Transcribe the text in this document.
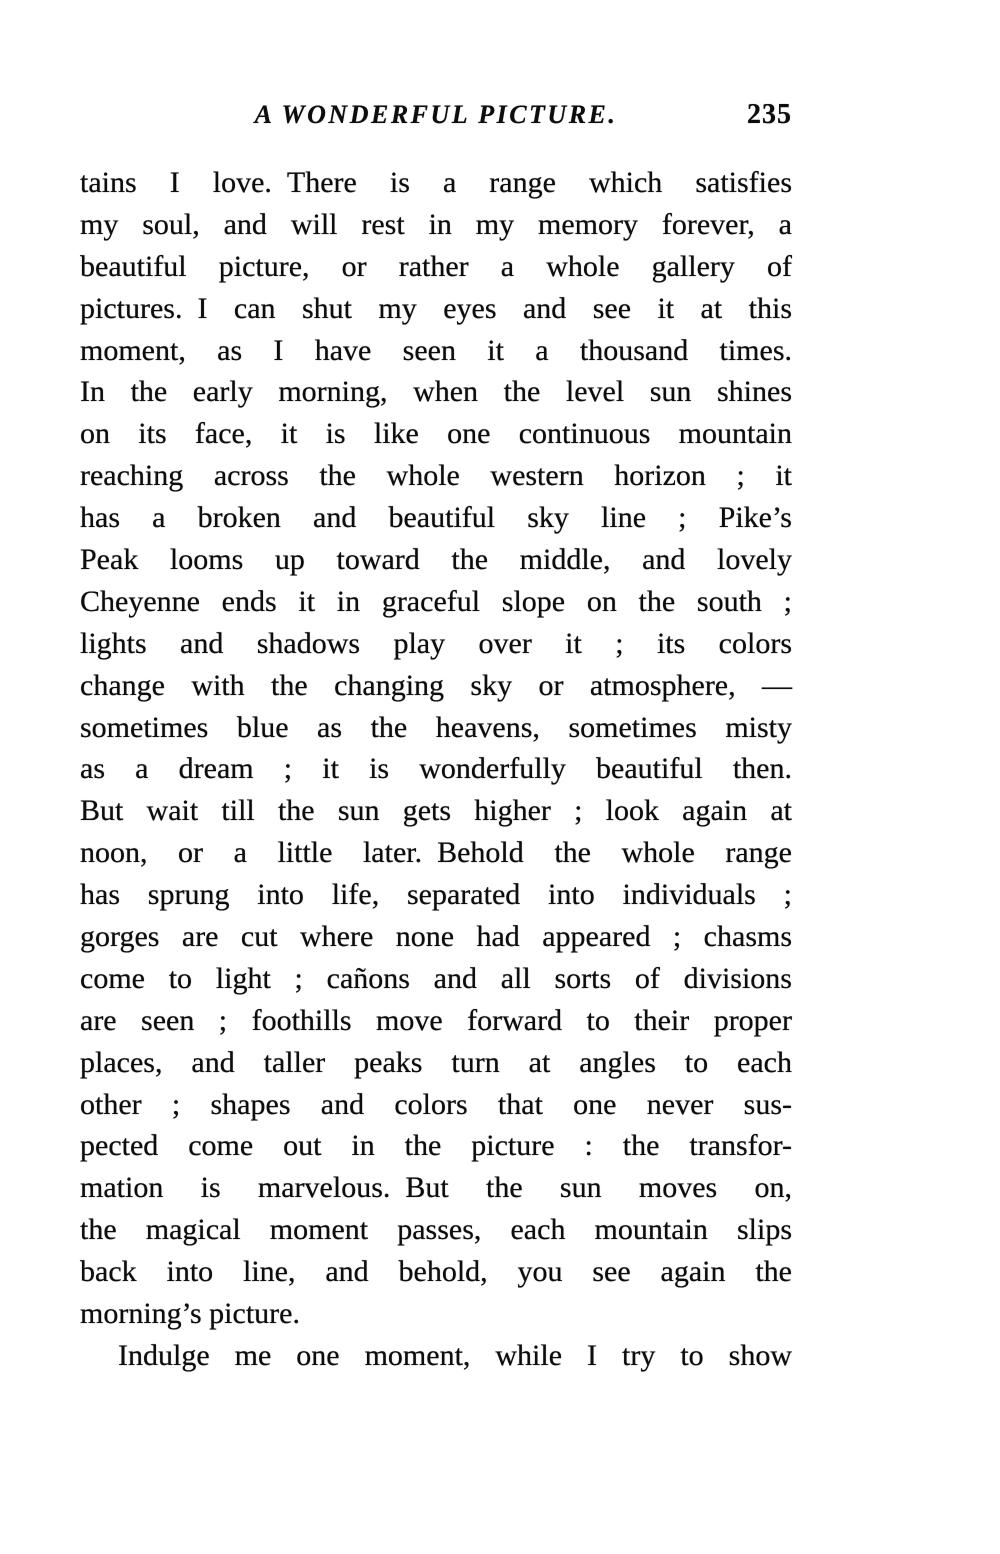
A WONDERFUL PICTURE.	235
tains I love. There is a range which satisfies
my soul, and will rest in my memory forever, a
beautiful picture, or rather a whole gallery of
pictures. I can shut my eyes and see it at this
moment, as I have seen it a thousand times.
In the early morning, when the level sun shines
on its face, it is like one continuous mountain
reaching across the whole western horizon ; it
has a broken and beautiful sky line ; Pike’s
Peak looms up toward the middle, and lovely
Cheyenne ends it in graceful slope on the south ;
lights and shadows play over it ; its colors
change with the changing sky or atmosphere, —
sometimes blue as the heavens, sometimes misty
as a dream ; it is wonderfully beautiful then.
But wait till the sun gets higher ; look again at
noon, or a little later. Behold the whole range
has sprung into life, separated into individuals ;
gorges are cut where none had appeared ; chasms
come to light ; cañons and all sorts of divisions
are seen ; foothills move forward to their proper
places, and taller peaks turn at angles to each
other ; shapes and colors that one never sus-
pected come out in the picture : the transfor-
mation is marvelous. But the sun moves on,
the magical moment passes, each mountain slips
back into line, and behold, you see again the
morning’s picture.
Indulge me one moment, while I try to show
